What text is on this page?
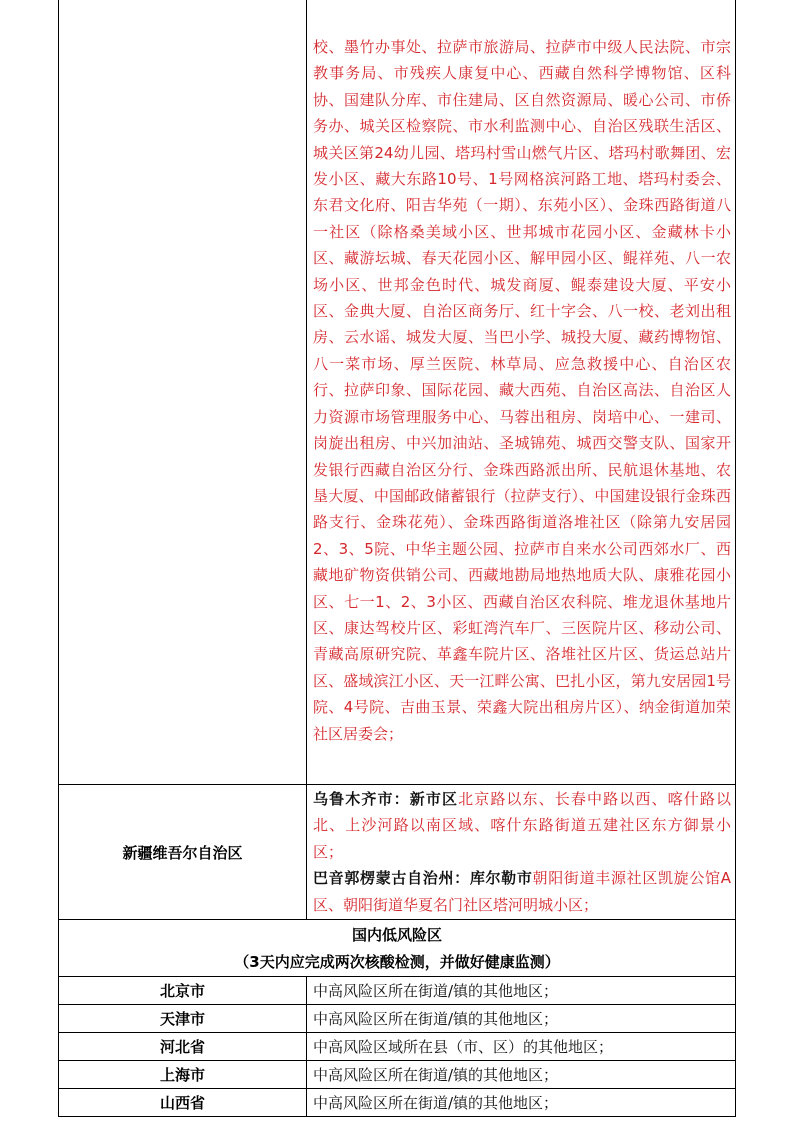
	校、墨竹办事处、拉萨市旅游局、拉萨市中级人民法院、市宗教事务局、市残疾人康复中心、西藏自然科学博物馆、区科协、国建队分库、市住建局、区自然资源局、暖心公司、市侨务办、城关区检察院、市水利监测中心、自治区残联生活区、城关区第24幼儿园、塔玛村雪山燃气片区、塔玛村歌舞团、宏发小区、藏大东路10号、1号网格滨河路工地、塔玛村委会、东君文化府、阳吉华苑（一期）、东苑小区）、金珠西路街道八一社区（除格桑美域小区、世邦城市花园小区、金藏林卡小区、藏游坛城、春天花园小区、解甲园小区、鲲祥苑、八一农场小区、世邦金色时代、城发商厦、鲲泰建设大厦、平安小区、金典大厦、自治区商务厅、红十字会、八一校、老刘出租房、云水谣、城发大厦、当巴小学、城投大厦、藏药博物馆、八一菜市场、厚兰医院、林草局、应急救援中心、自治区农行、拉萨印象、国际花园、藏大西苑、自治区高法、自治区人力资源市场管理服务中心、马蓉出租房、岗培中心、一建司、岗旋出租房、中兴加油站、圣城锦苑、城西交警支队、国家开发银行西藏自治区分行、金珠西路派出所、民航退休基地、农垦大厦、中国邮政储蓄银行（拉萨支行）、中国建设银行金珠西路支行、金珠花苑）、金珠西路街道洛堆社区（除第九安居园2、3、5院、中华主题公园、拉萨市自来水公司西郊水厂、西藏地矿物资供销公司、西藏地勘局地热地质大队、康雅花园小区、七一1、2、3小区、西藏自治区农科院、堆龙退休基地片区、康达驾校片区、彩虹湾汽车厂、三医院片区、移动公司、青藏高原研究院、革鑫车院片区、洛堆社区片区、货运总站片区、盛域滨江小区、天一江畔公寓、巴扎小区，第九安居园1号院、4号院、吉曲玉景、荣鑫大院出租房片区）、纳金街道加荣社区居委会；

新疆维吾尔自治区	乌鲁木齐市：新市区北京路以东、长春中路以西、喀什路以北、上沙河路以南区域、喀什东路街道五建社区东方御景小区；
巴音郭楞蒙古自治州：库尔勒市朝阳街道丰源社区凯旋公馆A区、朝阳街道华夏名门社区塔河明城小区；

国内低风险区
（3天内应完成两次核酸检测，并做好健康监测）	

北京市	中高风险区所在街道/镇的其他地区；
天津市	中高风险区所在街道/镇的其他地区；
河北省	中高风险区域所在县（市、区）的其他地区；
上海市	中高风险区所在街道/镇的其他地区；
山西省	中高风险区所在街道/镇的其他地区；
